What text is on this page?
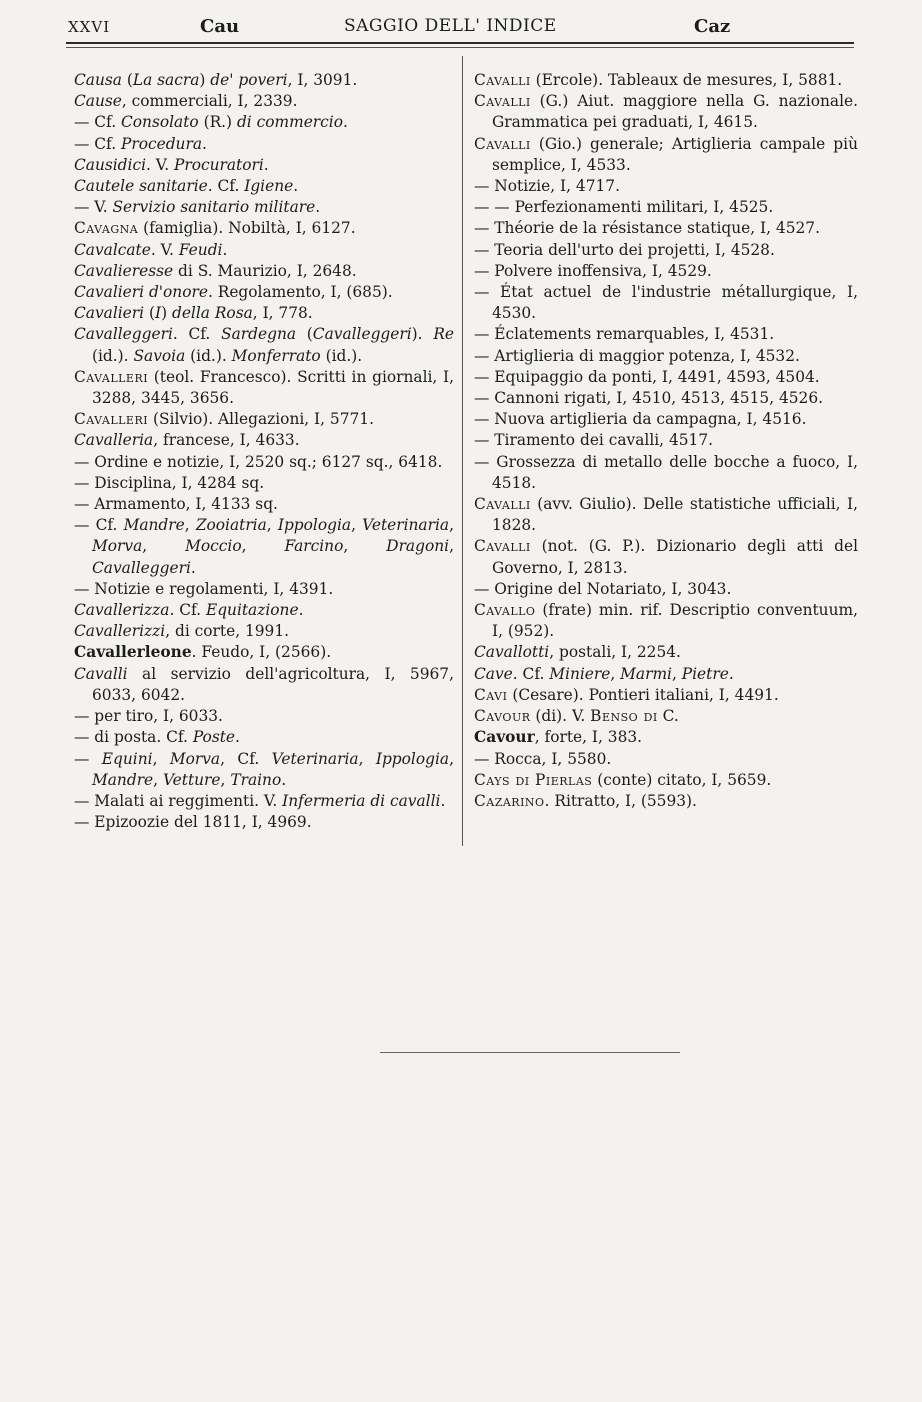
XXVI	Cau	SAGGIO DELL' INDICE	Caz

Causa (La sacra) de' poveri, I, 3091.

Cause, commerciali, I, 2339.

— Cf. Consolato (R.) di commercio.

— Cf. Procedura.

Causidici. V. Procuratori.

Cautele sanitarie. Cf. Igiene.

— V. Servizio sanitario militare.

Cavagna (famiglia). Nobiltà, I, 6127.

Cavalcate. V. Feudi.

Cavalieresse di S. Maurizio, I, 2648.

Cavalieri d'onore. Regolamento, I, (685).

Cavalieri (I) della Rosa, I, 778.

Cavalleggeri. Cf. Sardegna (Cavalleggeri). Re (id.). Savoia (id.). Monferrato (id.).

Cavalleri (teol. Francesco). Scritti in giornali, I, 3288, 3445, 3656.

Cavalleri (Silvio). Allegazioni, I, 5771.

Cavalleria, francese, I, 4633.

— Ordine e notizie, I, 2520 sq.; 6127 sq., 6418.

— Disciplina, I, 4284 sq.

— Armamento, I, 4133 sq.

— Cf. Mandre, Zooiatria, Ippologia, Veterinaria, Morva, Moccio, Farcino, Dragoni, Cavalleggeri.

— Notizie e regolamenti, I, 4391.

Cavallerizza. Cf. Equitazione.

Cavallerizzi, di corte, 1991.

Cavallerleone. Feudo, I, (2566).

Cavalli al servizio dell'agricoltura, I, 5967, 6033, 6042.

— per tiro, I, 6033.

— di posta. Cf. Poste.

— Equini, Morva, Cf. Veterinaria, Ippologia, Mandre, Vetture, Traino.

— Malati ai reggimenti. V. Infermeria di cavalli.

— Epizoozie del 1811, I, 4969.

Cavalli (Ercole). Tableaux de mesures, I, 5881.

Cavalli (G.) Aiut. maggiore nella G. nazionale. Grammatica pei graduati, I, 4615.

Cavalli (Gio.) generale; Artiglieria campale più semplice, I, 4533.

— Notizie, I, 4717.

— — Perfezionamenti militari, I, 4525.

— Théorie de la résistance statique, I, 4527.

— Teoria dell'urto dei projetti, I, 4528.

— Polvere inoffensiva, I, 4529.

— État actuel de l'industrie métallurgique, I, 4530.

— Éclatements remarquables, I, 4531.

— Artiglieria di maggior potenza, I, 4532.

— Equipaggio da ponti, I, 4491, 4593, 4504.

— Cannoni rigati, I, 4510, 4513, 4515, 4526.

— Nuova artiglieria da campagna, I, 4516.

— Tiramento dei cavalli, 4517.

— Grossezza di metallo delle bocche a fuoco, I, 4518.

Cavalli (avv. Giulio). Delle statistiche ufficiali, I, 1828.

Cavalli (not. (G. P.). Dizionario degli atti del Governo, I, 2813.

— Origine del Notariato, I, 3043.

Cavallo (frate) min. rif. Descriptio conventuum, I, (952).

Cavallotti, postali, I, 2254.

Cave. Cf. Miniere, Marmi, Pietre.

Cavi (Cesare). Pontieri italiani, I, 4491.

Cavour (di). V. Benso di C.

Cavour, forte, I, 383.

— Rocca, I, 5580.

Cays di Pierlas (conte) citato, I, 5659.

Cazarino. Ritratto, I, (5593).
